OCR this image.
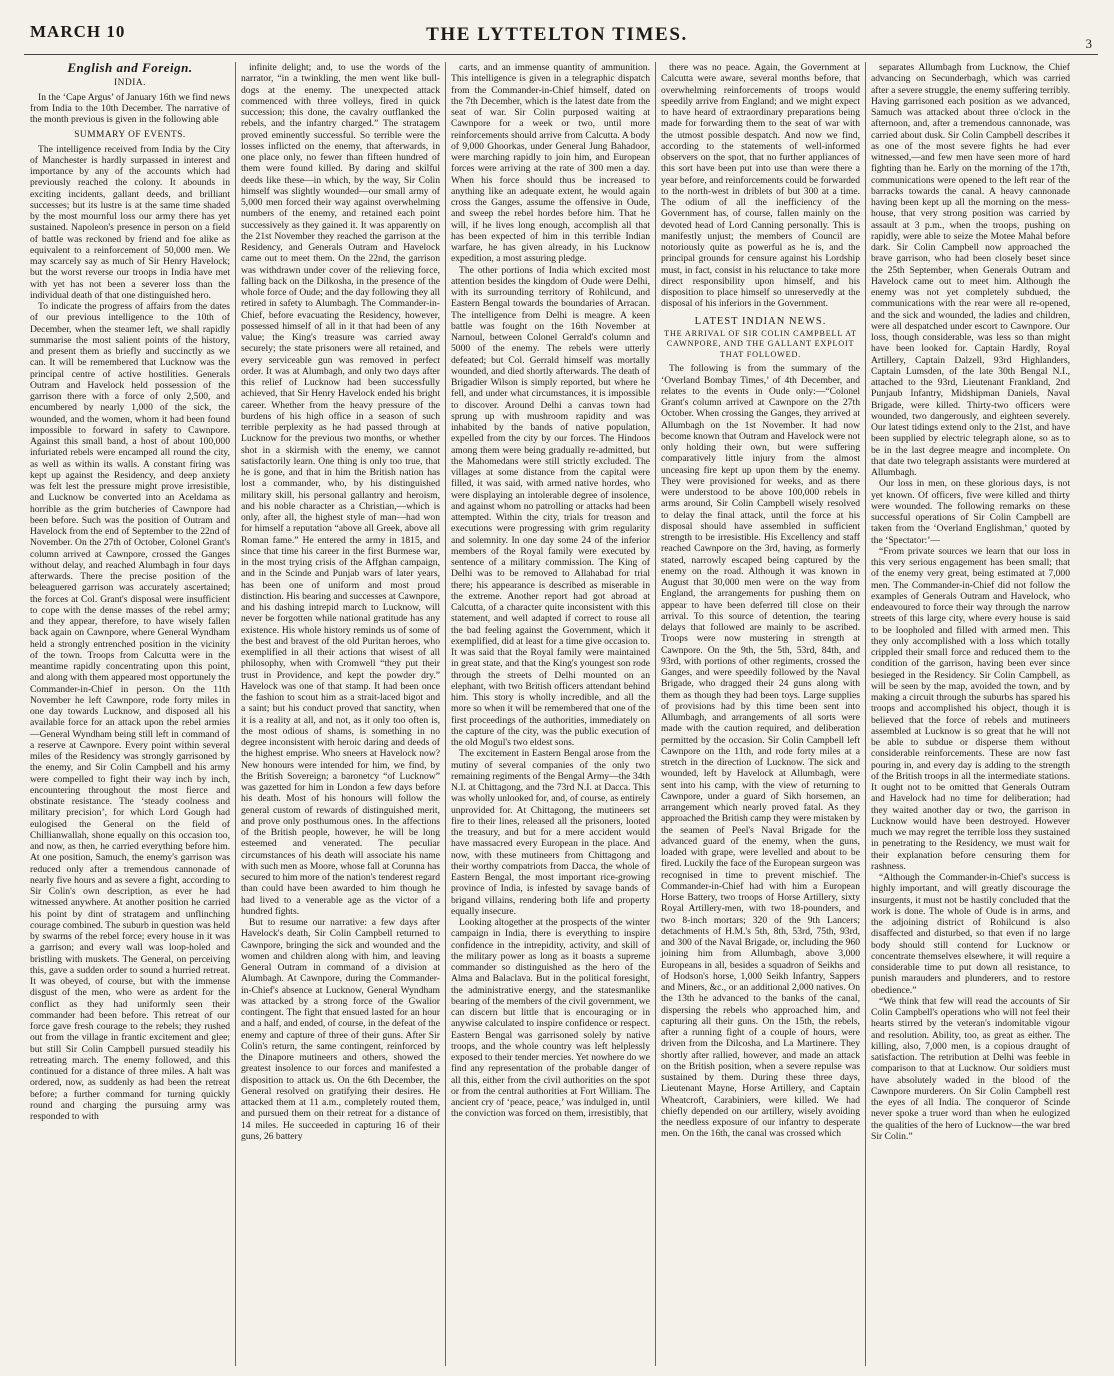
MARCH 10	THE LYTTELTON TIMES.	3
English and Foreign.
INDIA.

In the ‘Cape Argus’ of January 16th we find news from India to the 10th December. The narrative of the month previous is given in the following able

SUMMARY OF EVENTS.

The intelligence received from India by the City of Manchester is hardly surpassed in interest and importance by any of the accounts which had previously reached the colony. It abounds in exciting incidents, gallant deeds, and brilliant successes; but its lustre is at the same time shaded by the most mournful loss our army there has yet sustained. Napoleon's presence in person on a field of battle was reckoned by friend and foe alike as equivalent to a reinforcement of 50,000 men. We may scarcely say as much of Sir Henry Havelock; but the worst reverse our troops in India have met with yet has not been a severer loss than the individual death of that one distinguished hero.

To indicate the progress of affairs from the dates of our previous intelligence to the 10th of December, when the steamer left, we shall rapidly summarise the most salient points of the history, and present them as briefly and succinctly as we can. It will be remembered that Lucknow was the principal centre of active hostilities. Generals Outram and Havelock held possession of the garrison there with a force of only 2,500, and encumbered by nearly 1,000 of the sick, the wounded, and the women, whom it had been found impossible to forward in safety to Cawnpore. Against this small band, a host of about 100,000 infuriated rebels were encamped all round the city, as well as within its walls. A constant firing was kept up against the Residency, and deep anxiety was felt lest the pressure might prove irresistible, and Lucknow be converted into an Aceldama as horrible as the grim butcheries of Cawnpore had been before. Such was the position of Outram and Havelock from the end of September to the 22nd of November. On the 27th of October, Colonel Grant's column arrived at Cawnpore, crossed the Ganges without delay, and reached Alumbagh in four days afterwards. There the precise position of the beleaguered garrison was accurately ascertained; the forces at Col. Grant's disposal were insufficient to cope with the dense masses of the rebel army; and they appear, therefore, to have wisely fallen back again on Cawnpore, where General Wyndham held a strongly entrenched position in the vicinity of the town. Troops from Calcutta were in the meantime rapidly concentrating upon this point, and along with them appeared most opportunely the Commander-in-Chief in person. On the 11th November he left Cawnpore, rode forty miles in one day towards Lucknow, and disposed all his available force for an attack upon the rebel armies—General Wyndham being still left in command of a reserve at Cawnpore. Every point within several miles of the Residency was strongly garrisoned by the enemy, and Sir Colin Campbell and his army were compelled to fight their way inch by inch, encountering throughout the most fierce and obstinate resistance. The ‘steady coolness and military precision’, for which Lord Gough had eulogised the General on the field of Chillianwallah, shone equally on this occasion too, and now, as then, he carried everything before him. At one position, Samuch, the enemy's garrison was reduced only after a tremendous cannonade of nearly five hours and as severe a fight, according to Sir Colin's own description, as ever he had witnessed anywhere. At another position he carried his point by dint of stratagem and unflinching courage combined. The suburb in question was held by swarms of the rebel force; every house in it was a garrison; and every wall was loop-holed and bristling with muskets. The General, on perceiving this, gave a sudden order to sound a hurried retreat. It was obeyed, of course, but with the immense disgust of the men, who were as ardent for the conflict as they had uniformly seen their commander had been before. This retreat of our force gave fresh courage to the rebels; they rushed out from the village in frantic excitement and glee; but still Sir Colin Campbell pursued steadily his retreating march. The enemy followed, and this continued for a distance of three miles. A halt was ordered, now, as suddenly as had been the retreat before; a further command for turning quickly round and charging the pursuing army was responded to with

infinite delight; and, to use the words of the narrator, “in a twinkling, the men went like bull-dogs at the enemy. The unexpected attack commenced with three volleys, fired in quick succession; this done, the cavalry outflanked the rebels, and the infantry charged.” The stratagem proved eminently successful. So terrible were the losses inflicted on the enemy, that afterwards, in one place only, no fewer than fifteen hundred of them were found killed. By daring and skilful deeds like these—in which, by the way, Sir Colin himself was slightly wounded—our small army of 5,000 men forced their way against overwhelming numbers of the enemy, and retained each point successively as they gained it. It was apparently on the 21st November they reached the garrison at the Residency, and Generals Outram and Havelock came out to meet them. On the 22nd, the garrison was withdrawn under cover of the relieving force, falling back on the Dilkosha, in the presence of the whole force of Oude; and the day following they all retired in safety to Alumbagh. The Commander-in-Chief, before evacuating the Residency, however, possessed himself of all in it that had been of any value; the King's treasure was carried away securely; the state prisoners were all retained, and every serviceable gun was removed in perfect order. It was at Alumbagh, and only two days after this relief of Lucknow had been successfully achieved, that Sir Henry Havelock ended his bright career. Whether from the heavy pressure of the burdens of his high office in a season of such terrible perplexity as he had passed through at Lucknow for the previous two months, or whether shot in a skirmish with the enemy, we cannot satisfactorily learn. One thing is only too true, that he is gone, and that in him the British nation has lost a commander, who, by his distinguished military skill, his personal gallantry and heroism, and his noble character as a Christian,—which is only, after all, the highest style of man—had won for himself a reputation “above all Greek, above all Roman fame.” He entered the army in 1815, and since that time his career in the first Burmese war, in the most trying crisis of the Affghan campaign, and in the Scinde and Punjab wars of later years, has been one of uniform and most proud distinction. His bearing and successes at Cawnpore, and his dashing intrepid march to Lucknow, will never be forgotten while national gratitude has any existence. His whole history reminds us of some of the best and bravest of the old Puritan heroes, who exemplified in all their actions that wisest of all philosophy, when with Cromwell “they put their trust in Providence, and kept the powder dry.” Havelock was one of that stamp. It had been once the fashion to scout him as a strait-laced bigot and a saint; but his conduct proved that sanctity, when it is a reality at all, and not, as it only too often is, the most odious of shams, is something in no degree inconsistent with heroic daring and deeds of the highest emprise. Who sneers at Havelock now? New honours were intended for him, we find, by the British Sovereign; a baronetcy “of Lucknow” was gazetted for him in London a few days before his death. Most of his honours will follow the general custom of rewards of distinguished merit, and prove only posthumous ones. In the affections of the British people, however, he will be long esteemed and venerated. The peculiar circumstances of his death will associate his name with such men as Moore, whose fall at Corunna has secured to him more of the nation's tenderest regard than could have been awarded to him though he had lived to a venerable age as the victor of a hundred fights.

But to resume our narrative: a few days after Havelock's death, Sir Colin Campbell returned to Cawnpore, bringing the sick and wounded and the women and children along with him, and leaving General Outram in command of a division at Alumbagh. At Cawnpore, during the Commander-in-Chief's absence at Lucknow, General Wyndham was attacked by a strong force of the Gwalior contingent. The fight that ensued lasted for an hour and a half, and ended, of course, in the defeat of the enemy and capture of three of their guns. After Sir Colin's return, the same contingent, reinforced by the Dinapore mutineers and others, showed the greatest insolence to our forces and manifested a disposition to attack us. On the 6th December, the General resolved on gratifying their desires. He attacked them at 11 a.m., completely routed them, and pursued them on their retreat for a distance of 14 miles. He succeeded in capturing 16 of their guns, 26 battery

carts, and an immense quantity of ammunition. This intelligence is given in a telegraphic dispatch from the Commander-in-Chief himself, dated on the 7th December, which is the latest date from the seat of war. Sir Colin purposed waiting at Cawnpore for a week or two, until more reinforcements should arrive from Calcutta. A body of 9,000 Ghoorkas, under General Jung Bahadoor, were marching rapidly to join him, and European forces were arriving at the rate of 300 men a day. When his force should thus be increased to anything like an adequate extent, he would again cross the Ganges, assume the offensive in Oude, and sweep the rebel hordes before him. That he will, if he lives long enough, accomplish all that has been expected of him in this terrible Indian warfare, he has given already, in his Lucknow expedition, a most assuring pledge.

The other portions of India which excited most attention besides the kingdom of Oude were Delhi, with its surrounding territory of Rohilcund, and Eastern Bengal towards the boundaries of Arracan. The intelligence from Delhi is meagre. A keen battle was fought on the 16th November at Narnoul, between Colonel Gerrald's column and 5000 of the enemy. The rebels were utterly defeated; but Col. Gerrald himself was mortally wounded, and died shortly afterwards. The death of Brigadier Wilson is simply reported, but where he fell, and under what circumstances, it is impossible to discover. Around Delhi a canvas town had sprung up with mushroom rapidity and was inhabited by the bands of native population, expelled from the city by our forces. The Hindoos among them were being gradually re-admitted, but the Mahomedans were still strictly excluded. The villages at some distance from the capital were filled, it was said, with armed native hordes, who were displaying an intolerable degree of insolence, and against whom no patrolling or attacks had been attempted. Within the city, trials for treason and executions were progressing with grim regularity and solemnity. In one day some 24 of the inferior members of the Royal family were executed by sentence of a military commission. The King of Delhi was to be removed to Allahabad for trial there; his appearance is described as miserable in the extreme. Another report had got abroad at Calcutta, of a character quite inconsistent with this statement, and well adapted if correct to rouse all the bad feeling against the Government, which it exemplified, did at least for a time give occasion to. It was said that the Royal family were maintained in great state, and that the King's youngest son rode through the streets of Delhi mounted on an elephant, with two British officers attendant behind him. This story is wholly incredible, and all the more so when it will be remembered that one of the first proceedings of the authorities, immediately on the capture of the city, was the public execution of the old Mogul's two eldest sons.

The excitement in Eastern Bengal arose from the mutiny of several companies of the only two remaining regiments of the Bengal Army—the 34th N.I. at Chittagong, and the 73rd N.I. at Dacca. This was wholly unlooked for, and, of course, as entirely unprovided for. At Chittagong, the mutineers set fire to their lines, released all the prisoners, looted the treasury, and but for a mere accident would have massacred every European in the place. And now, with these mutineers from Chittagong and their worthy compatriots from Dacca, the whole of Eastern Bengal, the most important rice-growing province of India, is infested by savage bands of brigand villains, rendering both life and property equally insecure.

Looking altogether at the prospects of the winter campaign in India, there is everything to inspire confidence in the intrepidity, activity, and skill of the military power as long as it boasts a supreme commander so distinguished as the hero of the Alma and Balaclava. But in the political foresight, the administrative energy, and the statesmanlike bearing of the members of the civil government, we can discern but little that is encouraging or in anywise calculated to inspire confidence or respect. Eastern Bengal was garrisoned solely by native troops, and the whole country was left helplessly exposed to their tender mercies. Yet nowhere do we find any representation of the probable danger of all this, either from the civil authorities on the spot or from the central authorities at Fort William. The ancient cry of ‘peace, peace,’ was indulged in, until the conviction was forced on them, irresistibly, that

there was no peace. Again, the Government at Calcutta were aware, several months before, that overwhelming reinforcements of troops would speedily arrive from England; and we might expect to have heard of extraordinary preparations being made for forwarding them to the seat of war with the utmost possible despatch. And now we find, according to the statements of well-informed observers on the spot, that no further appliances of this sort have been put into use than were there a year before, and reinforcements could be forwarded to the north-west in driblets of but 300 at a time. The odium of all the inefficiency of the Government has, of course, fallen mainly on the devoted head of Lord Canning personally. This is manifestly unjust; the members of Council are notoriously quite as powerful as he is, and the principal grounds for censure against his Lordship must, in fact, consist in his reluctance to take more direct responsibility upon himself, and his disposition to place himself so unreservedly at the disposal of his inferiors in the Government.

LATEST INDIAN NEWS.
THE ARRIVAL OF SIR COLIN CAMPBELL AT CAWNPORE, AND THE GALLANT EXPLOIT THAT FOLLOWED.

The following is from the summary of the ‘Overland Bombay Times,’ of 4th December, and relates to the events in Oude only:—“Colonel Grant's column arrived at Cawnpore on the 27th October. When crossing the Ganges, they arrived at Allumbagh on the 1st November. It had now become known that Outram and Havelock were not only holding their own, but were suffering comparatively little injury from the almost unceasing fire kept up upon them by the enemy. They were provisioned for weeks, and as there were understood to be above 100,000 rebels in arms around, Sir Colin Campbell wisely resolved to delay the final attack, until the force at his disposal should have assembled in sufficient strength to be irresistible. His Excellency and staff reached Cawnpore on the 3rd, having, as formerly stated, narrowly escaped being captured by the enemy on the road. Although it was known in August that 30,000 men were on the way from England, the arrangements for pushing them on appear to have been deferred till close on their arrival. To this source of detention, the tearing delays that followed are mainly to be ascribed. Troops were now mustering in strength at Cawnpore. On the 9th, the 5th, 53rd, 84th, and 93rd, with portions of other regiments, crossed the Ganges, and were speedily followed by the Naval Brigade, who dragged their 24 guns along with them as though they had been toys. Large supplies of provisions had by this time been sent into Allumbagh, and arrangements of all sorts were made with the caution required, and deliberation permitted by the occasion. Sir Colin Campbell left Cawnpore on the 11th, and rode forty miles at a stretch in the direction of Lucknow. The sick and wounded, left by Havelock at Allumbagh, were sent into his camp, with the view of returning to Cawnpore, under a guard of Sikh horsemen, an arrangement which nearly proved fatal. As they approached the British camp they were mistaken by the seamen of Peel's Naval Brigade for the advanced guard of the enemy, when the guns, loaded with grape, were levelled and about to be fired. Luckily the face of the European surgeon was recognised in time to prevent mischief. The Commander-in-Chief had with him a European Horse Battery, two troops of Horse Artillery, sixty Royal Artillery-men, with two 18-pounders, and two 8-inch mortars; 320 of the 9th Lancers; detachments of H.M.'s 5th, 8th, 53rd, 75th, 93rd, and 300 of the Naval Brigade, or, including the 960 joining him from Allumbagh, above 3,000 Europeans in all, besides a squadron of Seikhs and of Hodson's horse, 1,000 Seikh Infantry, Sappers and Miners, &c., or an additional 2,000 natives. On the 13th he advanced to the banks of the canal, dispersing the rebels who approached him, and capturing all their guns. On the 15th, the rebels, after a running fight of a couple of hours, were driven from the Dilcosha, and La Martinere. They shortly after rallied, however, and made an attack on the British position, when a severe repulse was sustained by them. During these three days, Lieutenant Mayne, Horse Artillery, and Captain Wheatcroft, Carabiniers, were killed. We had chiefly depended on our artillery, wisely avoiding the needless exposure of our infantry to desperate men. On the 16th, the canal was crossed which

separates Allumbagh from Lucknow, the Chief advancing on Secunderbagh, which was carried after a severe struggle, the enemy suffering terribly. Having garrisoned each position as we advanced, Samuch was attacked about three o'clock in the afternoon, and, after a tremendous cannonade, was carried about dusk. Sir Colin Campbell describes it as one of the most severe fights he had ever witnessed,—and few men have seen more of hard fighting than he. Early on the morning of the 17th, communications were opened to the left rear of the barracks towards the canal. A heavy cannonade having been kept up all the morning on the mess-house, that very strong position was carried by assault at 3 p.m., when the troops, pushing on rapidly, were able to seize the Motee Mahal before dark. Sir Colin Campbell now approached the brave garrison, who had been closely beset since the 25th September, when Generals Outram and Havelock came out to meet him. Although the enemy was not yet completely subdued, the communications with the rear were all re-opened, and the sick and wounded, the ladies and children, were all despatched under escort to Cawnpore. Our loss, though considerable, was less so than might have been looked for. Captain Hardly, Royal Artillery, Captain Dalzell, 93rd Highlanders, Captain Lumsden, of the late 30th Bengal N.I., attached to the 93rd, Lieutenant Frankland, 2nd Punjaub Infantry, Midshipman Daniels, Naval Brigade, were killed. Thirty-two officers were wounded, two dangerously, and eighteen severely. Our latest tidings extend only to the 21st, and have been supplied by electric telegraph alone, so as to be in the last degree meagre and incomplete. On that date two telegraph assistants were murdered at Allumbagh.

Our loss in men, on these glorious days, is not yet known. Of officers, five were killed and thirty were wounded. The following remarks on these successful operations of Sir Colin Campbell are taken from the ‘Overland Englishman,’ quoted by the ‘Spectator:’—

“From private sources we learn that our loss in this very serious engagement has been small; that of the enemy very great, being estimated at 7,000 men. The Commander-in-Chief did not follow the examples of Generals Outram and Havelock, who endeavoured to force their way through the narrow streets of this large city, where every house is said to be loopholed and filled with armed men. This they only accomplished with a loss which totally crippled their small force and reduced them to the condition of the garrison, having been ever since besieged in the Residency. Sir Colin Campbell, as will be seen by the map, avoided the town, and by making a circuit through the suburbs has spared his troops and accomplished his object, though it is believed that the force of rebels and mutineers assembled at Lucknow is so great that he will not be able to subdue or disperse them without considerable reinforcements. These are now fast pouring in, and every day is adding to the strength of the British troops in all the intermediate stations. It ought not to be omitted that Generals Outram and Havelock had no time for deliberation; had they waited another day or two, the garrison in Lucknow would have been destroyed. However much we may regret the terrible loss they sustained in penetrating to the Residency, we must wait for their explanation before censuring them for rashness.

“Although the Commander-in-Chief's success is highly important, and will greatly discourage the insurgents, it must not be hastily concluded that the work is done. The whole of Oude is in arms, and the adjoining district of Rohilcund is also disaffected and disturbed, so that even if no large body should still contend for Lucknow or concentrate themselves elsewhere, it will require a considerable time to put down all resistance, to punish marauders and plunderers, and to restore obedience.”

“We think that few will read the accounts of Sir Colin Campbell's operations who will not feel their hearts stirred by the veteran's indomitable vigour and resolution. Ability, too, as great as either. The killing, also, 7,000 men, is a copious draught of satisfaction. The retribution at Delhi was feeble in comparison to that at Lucknow. Our soldiers must have absolutely waded in the blood of the Cawnpore murderers. On Sir Colin Campbell rest the eyes of all India. The conqueror of Scinde never spoke a truer word than when he eulogized the qualities of the hero of Lucknow—the war bred Sir Colin.”
